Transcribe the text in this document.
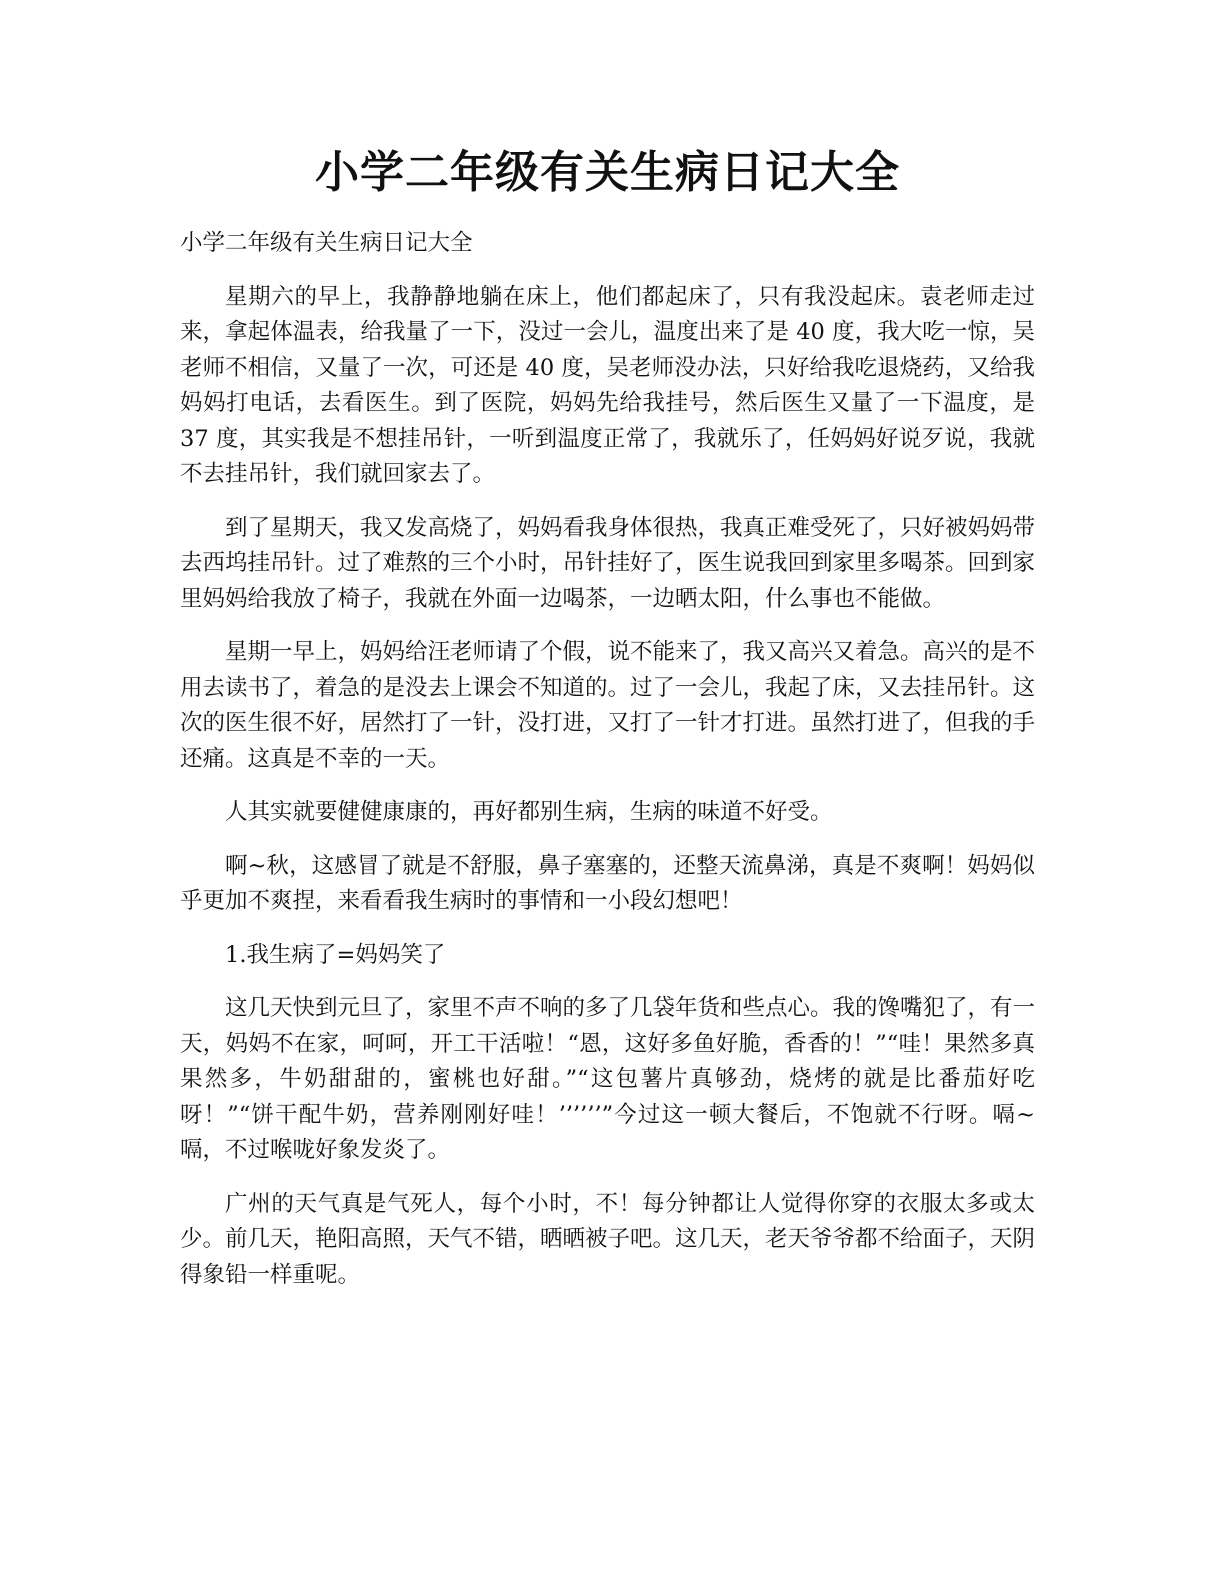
小学二年级有关生病日记大全

小学二年级有关生病日记大全

星期六的早上，我静静地躺在床上，他们都起床了，只有我没起床。袁老师走过来，拿起体温表，给我量了一下，没过一会儿，温度出来了是 40 度，我大吃一惊，吴老师不相信，又量了一次，可还是 40 度，吴老师没办法，只好给我吃退烧药，又给我妈妈打电话，去看医生。到了医院，妈妈先给我挂号，然后医生又量了一下温度，是 37 度，其实我是不想挂吊针，一听到温度正常了，我就乐了，任妈妈好说歹说，我就不去挂吊针，我们就回家去了。

到了星期天，我又发高烧了，妈妈看我身体很热，我真正难受死了，只好被妈妈带去西坞挂吊针。过了难熬的三个小时，吊针挂好了，医生说我回到家里多喝茶。回到家里妈妈给我放了椅子，我就在外面一边喝茶，一边晒太阳，什么事也不能做。

星期一早上，妈妈给汪老师请了个假，说不能来了，我又高兴又着急。高兴的是不用去读书了，着急的是没去上课会不知道的。过了一会儿，我起了床，又去挂吊针。这次的医生很不好，居然打了一针，没打进，又打了一针才打进。虽然打进了，但我的手还痛。这真是不幸的一天。

人其实就要健健康康的，再好都别生病，生病的味道不好受。

啊~秋，这感冒了就是不舒服，鼻子塞塞的，还整天流鼻涕，真是不爽啊！妈妈似乎更加不爽捏，来看看我生病时的事情和一小段幻想吧！

1.我生病了=妈妈笑了

这几天快到元旦了，家里不声不响的多了几袋年货和些点心。我的馋嘴犯了，有一天，妈妈不在家，呵呵，开工干活啦！“恩，这好多鱼好脆，香香的！”“哇！果然多真果然多，牛奶甜甜的，蜜桃也好甜。”“这包薯片真够劲，烧烤的就是比番茄好吃呀！”“饼干配牛奶，营养刚刚好哇！’’’’’’”今过这一顿大餐后，不饱就不行呀。嗝~嗝，不过喉咙好象发炎了。

广州的天气真是气死人，每个小时，不！每分钟都让人觉得你穿的衣服太多或太少。前几天，艳阳高照，天气不错，晒晒被子吧。这几天，老天爷爷都不给面子，天阴得象铅一样重呢。
